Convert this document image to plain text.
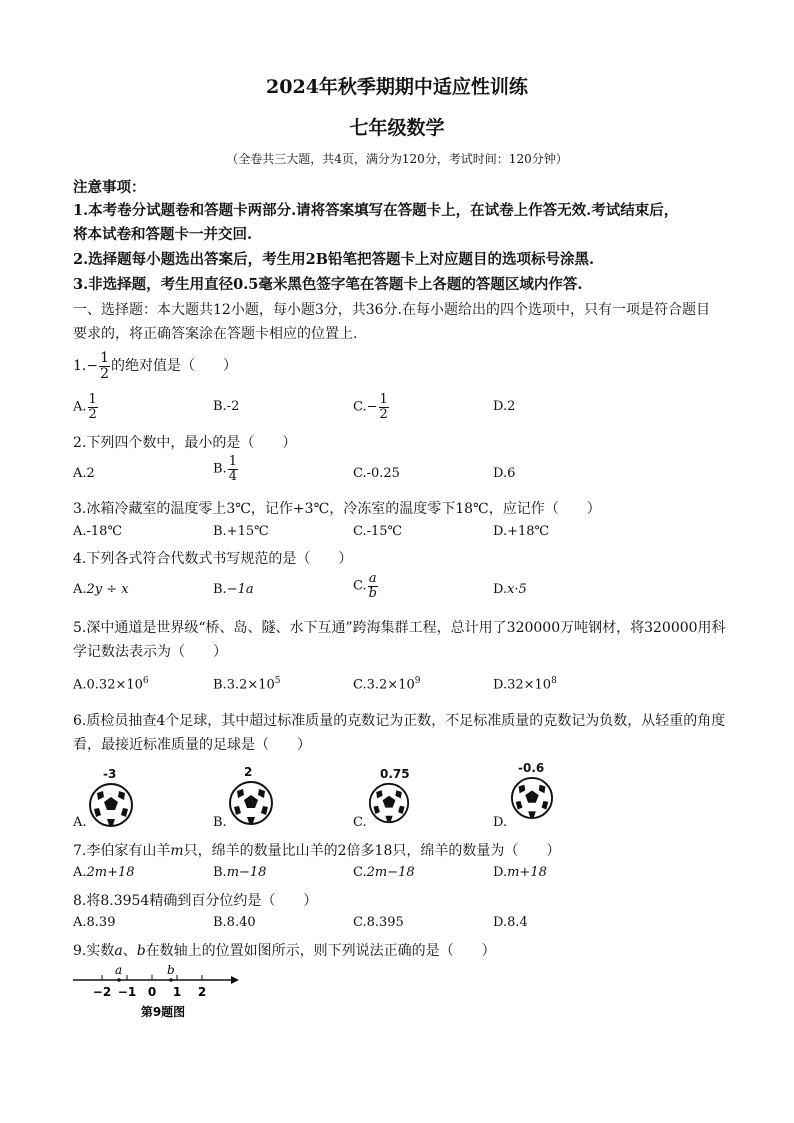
2024年秋季期期中适应性训练
七年级数学
（全卷共三大题，共4页，满分为120分，考试时间：120分钟）
注意事项：
1.本考卷分试题卷和答题卡两部分.请将答案填写在答题卡上，在试卷上作答无效.考试结束后，
将本试卷和答题卡一并交回.
2.选择题每小题选出答案后，考生用2B铅笔把答题卡上对应题目的选项标号涂黑.
3.非选择题，考生用直径0.5毫米黑色签字笔在答题卡上各题的答题区域内作答.
一、选择题：本大题共12小题，每小题3分，共36分.在每小题给出的四个选项中，只有一项是符合题目
要求的，将正确答案涂在答题卡相应的位置上.
$1.- \frac{1}{2}$ 的绝对值是（　　）
A. $\frac{1}{2}$	B.-2	$C.- \frac{1}{2}$	D.2
2.下列四个数中，最小的是（　　）
A.2	B. $\frac{1}{4}$	C.-0.25	D.6
3.冰箱冷藏室的温度零上3℃，记作+3℃，冷冻室的温度零下18℃，应记作（　　）
A.-18℃	B.+15℃	C.-15℃	D.+18℃
4.下列各式符合代数式书写规范的是（　　）
A.2y ÷ x	B.−1a	C. $\frac{a}{b}$	D.x·5
5.深中通道是世界级“桥、岛、隧、水下互通”跨海集群工程，总计用了320000万吨钢材，将320000用科
学记数法表示为（　　）
$A.0.32\times 10^6$	$B.3.2\times 10^5$	$C.3.2\times 10^9$	$D.32\times 10^8$
6.质检员抽查4个足球，其中超过标准质量的克数记为正数，不足标准质量的克数记为负数，从轻重的角度
看，最接近标准质量的足球是（　　）
-3	2	0.75	-0.6
A.	B.	C.	D.
7.李伯家有山羊m只，绵羊的数量比山羊的2倍多18只，绵羊的数量为（　　）
A.2m+18	B.m−18	C.2m−18	D.m+18
8.将8.3954精确到百分位约是（　　）
A.8.39	B.8.40	C.8.395	D.8.4
9.实数a、b在数轴上的位置如图所示，则下列说法正确的是（　　）
a	b
−2 −1 0 1 2
第9题图
